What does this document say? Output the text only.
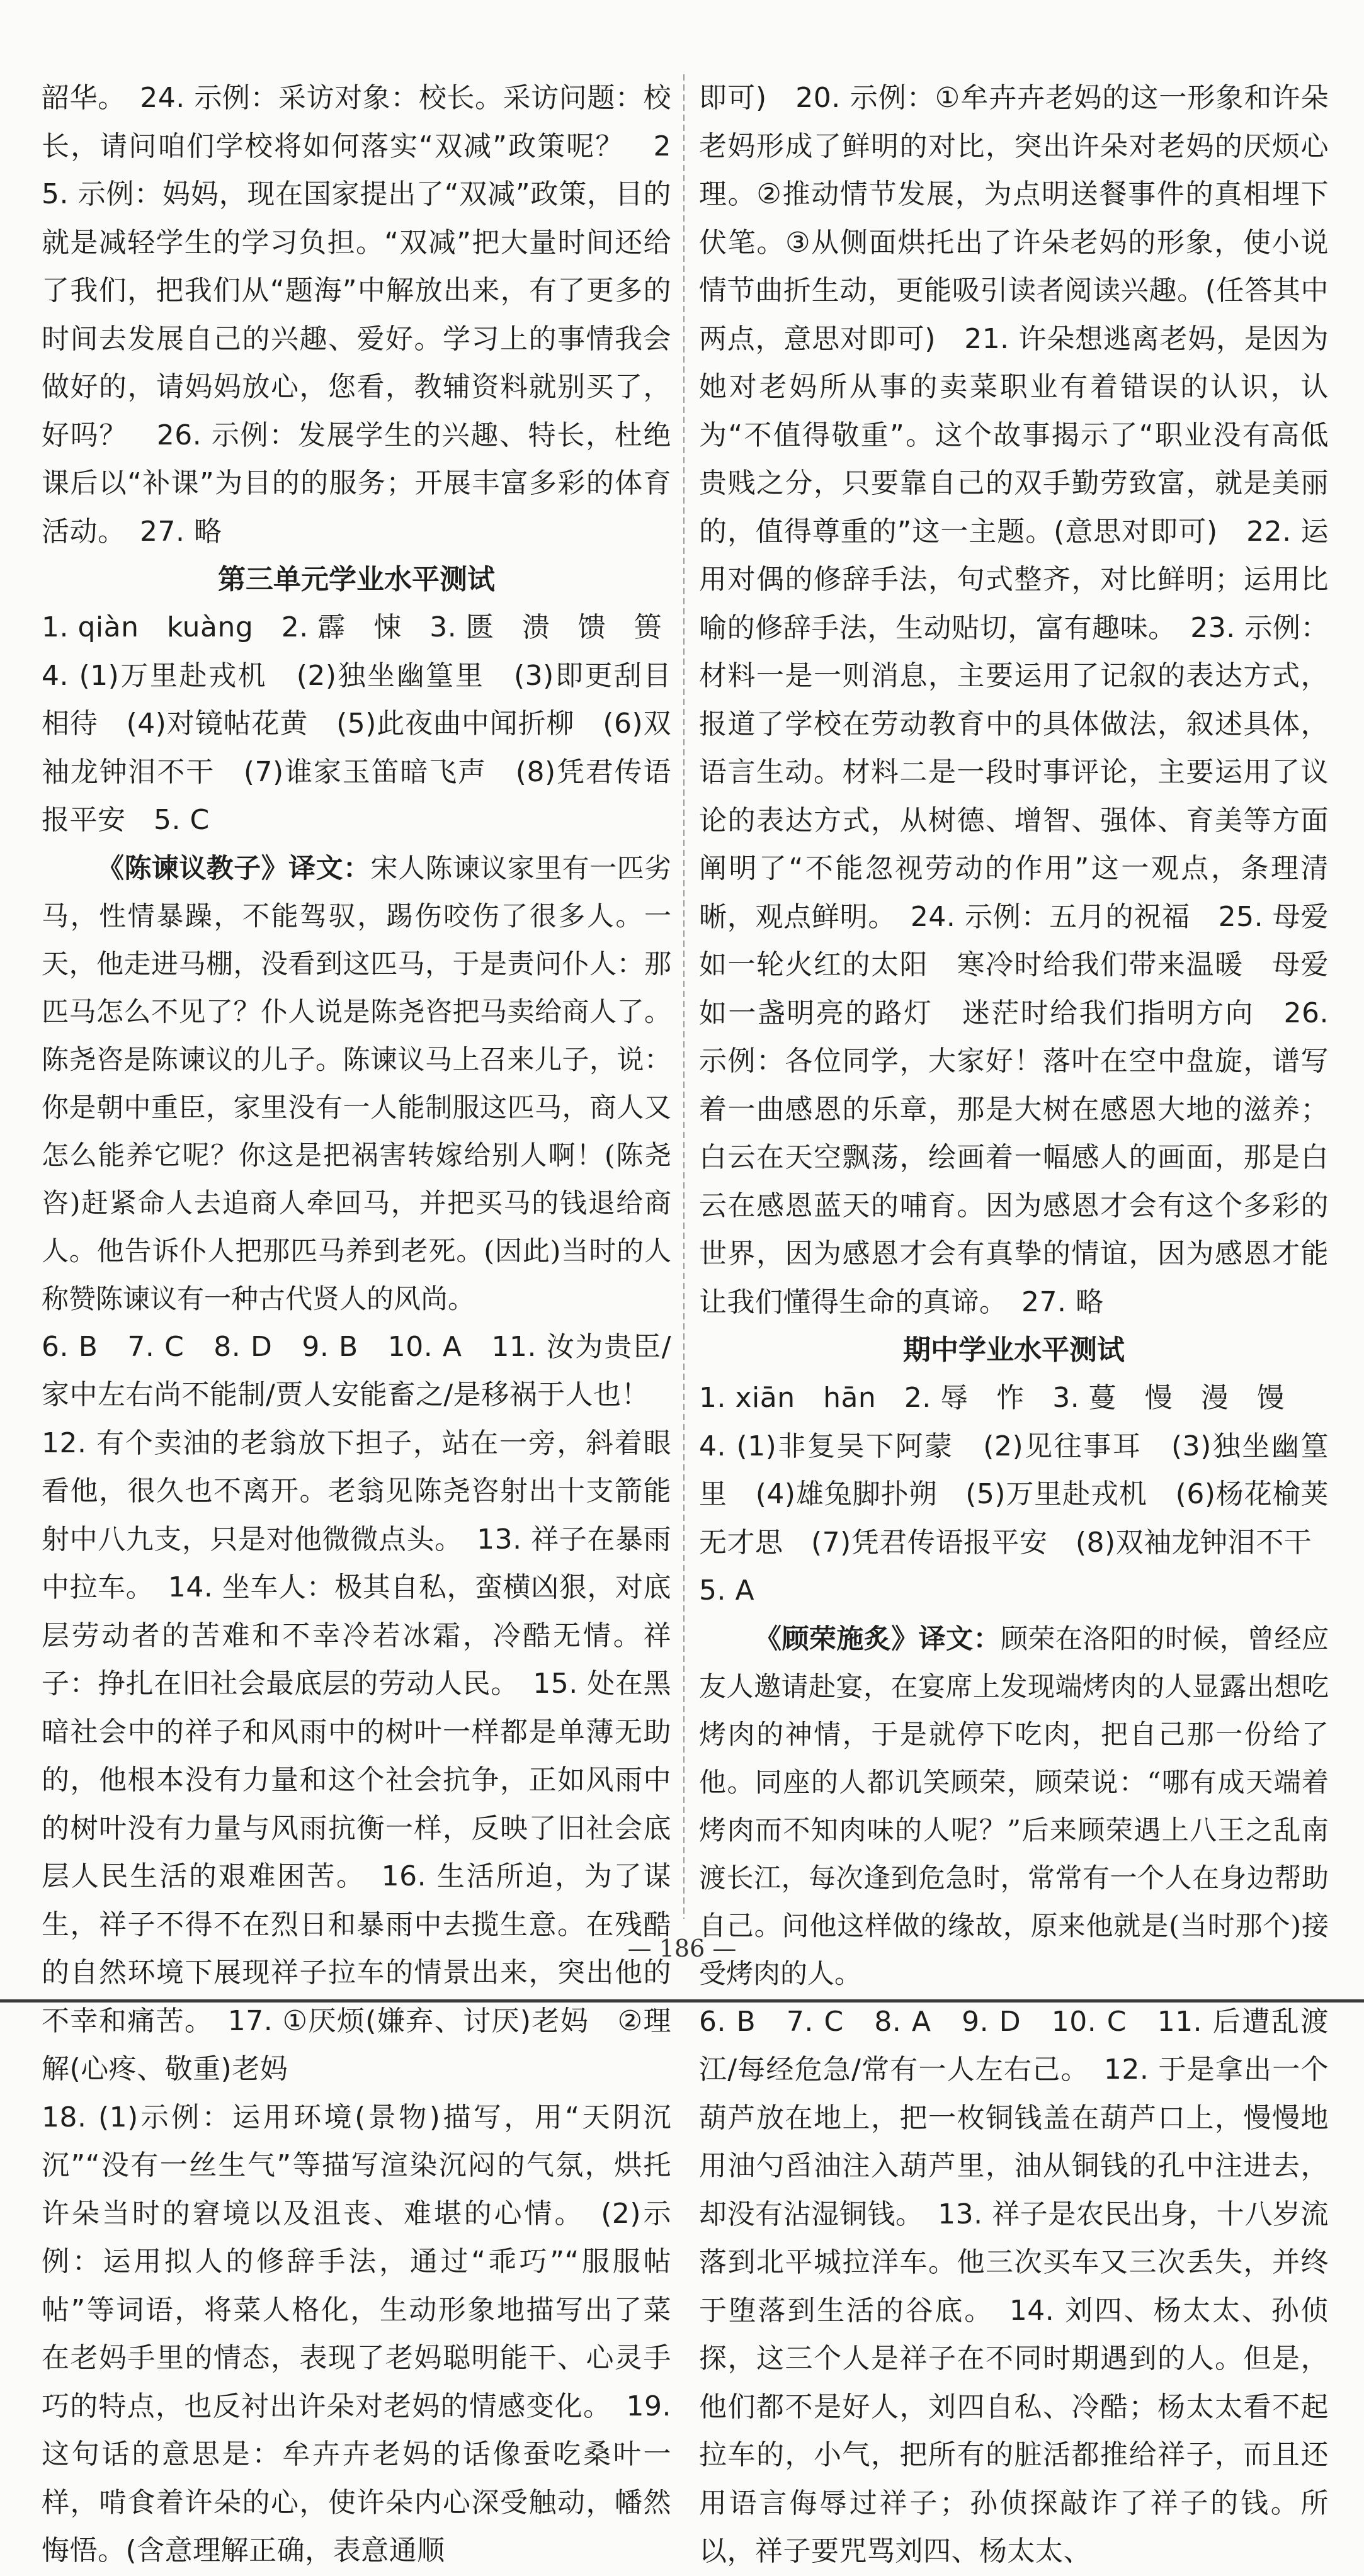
韶华。　24. 示例：采访对象：校长。采访问题：校长，请问咱们学校将如何落实“双减”政策呢？　25. 示例：妈妈，现在国家提出了“双减”政策，目的就是减轻学生的学习负担。“双减”把大量时间还给了我们，把我们从“题海”中解放出来，有了更多的时间去发展自己的兴趣、爱好。学习上的事情我会做好的，请妈妈放心，您看，教辅资料就别买了，好吗？　26. 示例：发展学生的兴趣、特长，杜绝课后以“补课”为目的的服务；开展丰富多彩的体育活动。　27. 略

第三单元学业水平测试

1. qiàn　kuàng　2. 霹　悚　3. 匮　溃　馈　篑

4. (1)万里赴戎机　(2)独坐幽篁里　(3)即更刮目相待　(4)对镜帖花黄　(5)此夜曲中闻折柳　(6)双袖龙钟泪不干　(7)谁家玉笛暗飞声　(8)凭君传语报平安　5. C

《陈谏议教子》译文：宋人陈谏议家里有一匹劣马，性情暴躁，不能驾驭，踢伤咬伤了很多人。一天，他走进马棚，没看到这匹马，于是责问仆人：那匹马怎么不见了？仆人说是陈尧咨把马卖给商人了。陈尧咨是陈谏议的儿子。陈谏议马上召来儿子，说：你是朝中重臣，家里没有一人能制服这匹马，商人又怎么能养它呢？你这是把祸害转嫁给别人啊！(陈尧咨)赶紧命人去追商人牵回马，并把买马的钱退给商人。他告诉仆人把那匹马养到老死。(因此)当时的人称赞陈谏议有一种古代贤人的风尚。

6. B　7. C　8. D　9. B　10. A　11. 汝为贵臣/家中左右尚不能制/贾人安能畜之/是移祸于人也！

12. 有个卖油的老翁放下担子，站在一旁，斜着眼看他，很久也不离开。老翁见陈尧咨射出十支箭能射中八九支，只是对他微微点头。　13. 祥子在暴雨中拉车。　14. 坐车人：极其自私，蛮横凶狠，对底层劳动者的苦难和不幸冷若冰霜，冷酷无情。祥子：挣扎在旧社会最底层的劳动人民。　15. 处在黑暗社会中的祥子和风雨中的树叶一样都是单薄无助的，他根本没有力量和这个社会抗争，正如风雨中的树叶没有力量与风雨抗衡一样，反映了旧社会底层人民生活的艰难困苦。　16. 生活所迫，为了谋生，祥子不得不在烈日和暴雨中去揽生意。在残酷的自然环境下展现祥子拉车的情景出来，突出他的不幸和痛苦。　17. ①厌烦(嫌弃、讨厌)老妈　②理解(心疼、敬重)老妈

18. (1)示例：运用环境(景物)描写，用“天阴沉沉”“没有一丝生气”等描写渲染沉闷的气氛，烘托许朵当时的窘境以及沮丧、难堪的心情。　(2)示例：运用拟人的修辞手法，通过“乖巧”“服服帖帖”等词语，将菜人格化，生动形象地描写出了菜在老妈手里的情态，表现了老妈聪明能干、心灵手巧的特点，也反衬出许朵对老妈的情感变化。　19. 这句话的意思是：牟卉卉老妈的话像蚕吃桑叶一样，啃食着许朵的心，使许朵内心深受触动，幡然悔悟。(含意理解正确，表意通顺

即可)　20. 示例：①牟卉卉老妈的这一形象和许朵老妈形成了鲜明的对比，突出许朵对老妈的厌烦心理。②推动情节发展，为点明送餐事件的真相埋下伏笔。③从侧面烘托出了许朵老妈的形象，使小说情节曲折生动，更能吸引读者阅读兴趣。(任答其中两点，意思对即可)　21. 许朵想逃离老妈，是因为她对老妈所从事的卖菜职业有着错误的认识，认为“不值得敬重”。这个故事揭示了“职业没有高低贵贱之分，只要靠自己的双手勤劳致富，就是美丽的，值得尊重的”这一主题。(意思对即可)　22. 运用对偶的修辞手法，句式整齐，对比鲜明；运用比喻的修辞手法，生动贴切，富有趣味。　23. 示例：材料一是一则消息，主要运用了记叙的表达方式，报道了学校在劳动教育中的具体做法，叙述具体，语言生动。材料二是一段时事评论，主要运用了议论的表达方式，从树德、增智、强体、育美等方面阐明了“不能忽视劳动的作用”这一观点，条理清晰，观点鲜明。　24. 示例：五月的祝福　25. 母爱如一轮火红的太阳　寒冷时给我们带来温暖　母爱如一盏明亮的路灯　迷茫时给我们指明方向　26. 示例：各位同学，大家好！落叶在空中盘旋，谱写着一曲感恩的乐章，那是大树在感恩大地的滋养；白云在天空飘荡，绘画着一幅感人的画面，那是白云在感恩蓝天的哺育。因为感恩才会有这个多彩的世界，因为感恩才会有真挚的情谊，因为感恩才能让我们懂得生命的真谛。　27. 略

期中学业水平测试

1. xiān　hān　2. 辱　怍　3. 蔓　慢　漫　馒

4. (1)非复吴下阿蒙　(2)见往事耳　(3)独坐幽篁里　(4)雄兔脚扑朔　(5)万里赴戎机　(6)杨花榆荚无才思　(7)凭君传语报平安　(8)双袖龙钟泪不干

5. A

《顾荣施炙》译文：顾荣在洛阳的时候，曾经应友人邀请赴宴，在宴席上发现端烤肉的人显露出想吃烤肉的神情，于是就停下吃肉，把自己那一份给了他。同座的人都讥笑顾荣，顾荣说：“哪有成天端着烤肉而不知肉味的人呢？”后来顾荣遇上八王之乱南渡长江，每次逢到危急时，常常有一个人在身边帮助自己。问他这样做的缘故，原来他就是(当时那个)接受烤肉的人。

6. B　7. C　8. A　9. D　10. C　11. 后遭乱渡江/每经危急/常有一人左右己。　12. 于是拿出一个葫芦放在地上，把一枚铜钱盖在葫芦口上，慢慢地用油勺舀油注入葫芦里，油从铜钱的孔中注进去，却没有沾湿铜钱。　13. 祥子是农民出身，十八岁流落到北平城拉洋车。他三次买车又三次丢失，并终于堕落到生活的谷底。　14. 刘四、杨太太、孙侦探，这三个人是祥子在不同时期遇到的人。但是，他们都不是好人，刘四自私、冷酷；杨太太看不起拉车的，小气，把所有的脏活都推给祥子，而且还用语言侮辱过祥子；孙侦探敲诈了祥子的钱。所以，祥子要咒骂刘四、杨太太、

— 186 —
